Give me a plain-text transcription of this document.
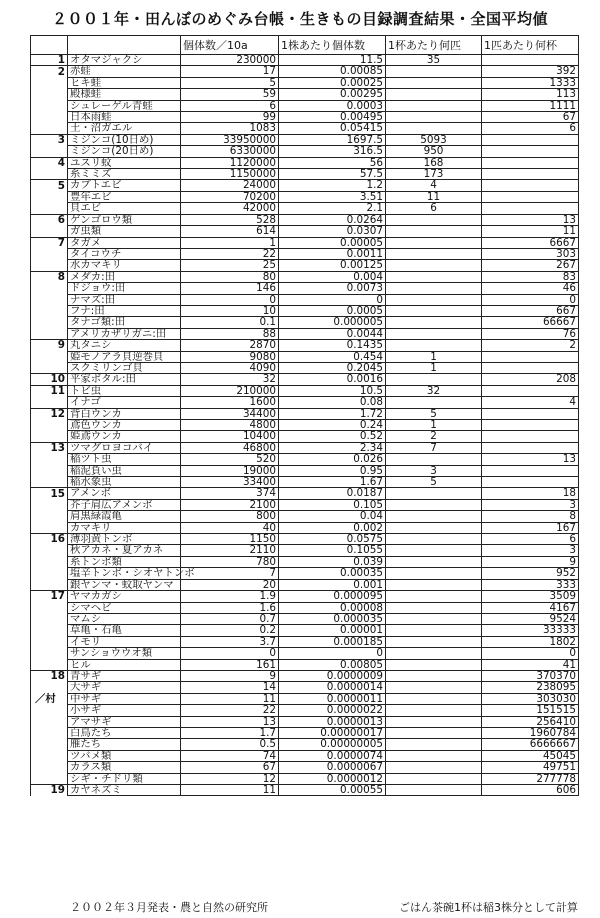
２００１年・田んぼのめぐみ台帳・生きもの目録調査結果・全国平均値
		個体数／10a	1株あたり個体数	1杯あたり何匹	1匹あたり何杯
1	オタマジャクシ	230000	11.5	35	
2	赤蛙	17	0.00085		392
	ヒキ蛙	5	0.00025		1333
	殿様蛙	59	0.00295		113
	シュレーゲル青蛙	6	0.0003		1111
	日本雨蛙	99	0.00495		67
	土・沼ガエル	1083	0.05415		6
3	ミジンコ(10日め)	33950000	1697.5	5093	
	ミジンコ(20日め)	6330000	316.5	950	
4	ユスリ蚊	1120000	56	168	
	糸ミミズ	1150000	57.5	173	
5	カブトエビ	24000	1.2	4	
	豊年エビ	70200	3.51	11	
	貝エビ	42000	2.1	6	
6	ゲンゴロウ類	528	0.0264		13
	ガ虫類	614	0.0307		11
7	タガメ	1	0.00005		6667
	タイコウチ	22	0.0011		303
	水カマキリ	25	0.00125		267
8	メダカ:田	80	0.004		83
	ドジョウ:田	146	0.0073		46
	ナマズ:田	0	0		0
	フナ:田	10	0.0005		667
	タナゴ類:田	0.1	0.000005		66667
	アメリカザリガニ:田	88	0.0044		76
9	丸タニシ	2870	0.1435		2
	姫モノアラ貝逆巻貝	9080	0.454	1	
	スクミリンゴ貝	4090	0.2045	1	
10	平家ボタル:田	32	0.0016		208
11	トビ虫	210000	10.5	32	
	イナゴ	1600	0.08		4
12	背白ウンカ	34400	1.72	5	
	鳶色ウンカ	4800	0.24	1	
	姫鳶ウンカ	10400	0.52	2	
13	ツマグロヨコバイ	46800	2.34	7	
	稲ツト虫	520	0.026		13
	稲泥負い虫	19000	0.95	3	
	稲水象虫	33400	1.67	5	
15	アメンボ	374	0.0187		18
	芥子肩広アメンボ	2100	0.105		3
	肩黒緑霞亀	800	0.04		8
	カマキリ	40	0.002		167
16	薄羽黄トンボ	1150	0.0575		6
	秋アカネ・夏アカネ	2110	0.1055		3
	糸トンボ類	780	0.039		9
	塩辛トンボ・シオヤトンボ	7	0.00035		952
	銀ヤンマ・蚊取ヤンマ	20	0.001		333
17	ヤマカガシ	1.9	0.000095		3509
	シマヘビ	1.6	0.00008		4167
	マムシ	0.7	0.000035		9524
	草亀・石亀	0.2	0.00001		33333
	イモリ	3.7	0.000185		1802
	サンショウウオ類	0	0		0
	ヒル	161	0.00805		41
18	青サギ	9	0.0000009		370370
	大サギ	14	0.0000014		238095

／村	中サギ	11	0.0000011		303030
	小サギ	22	0.0000022		151515
	アマサギ	13	0.0000013		256410
	白鳥たち	1.7	0.00000017		1960784
	雁たち	0.5	0.00000005		6666667
	ツバメ類	74	0.0000074		45045
	カラス類	67	0.0000067		49751
	シギ・チドリ類	12	0.0000012		277778
19	カヤネズミ	11	0.00055		606
２００２年３月発表・農と自然の研究所	ごはん茶碗1杯は稲3株分として計算
